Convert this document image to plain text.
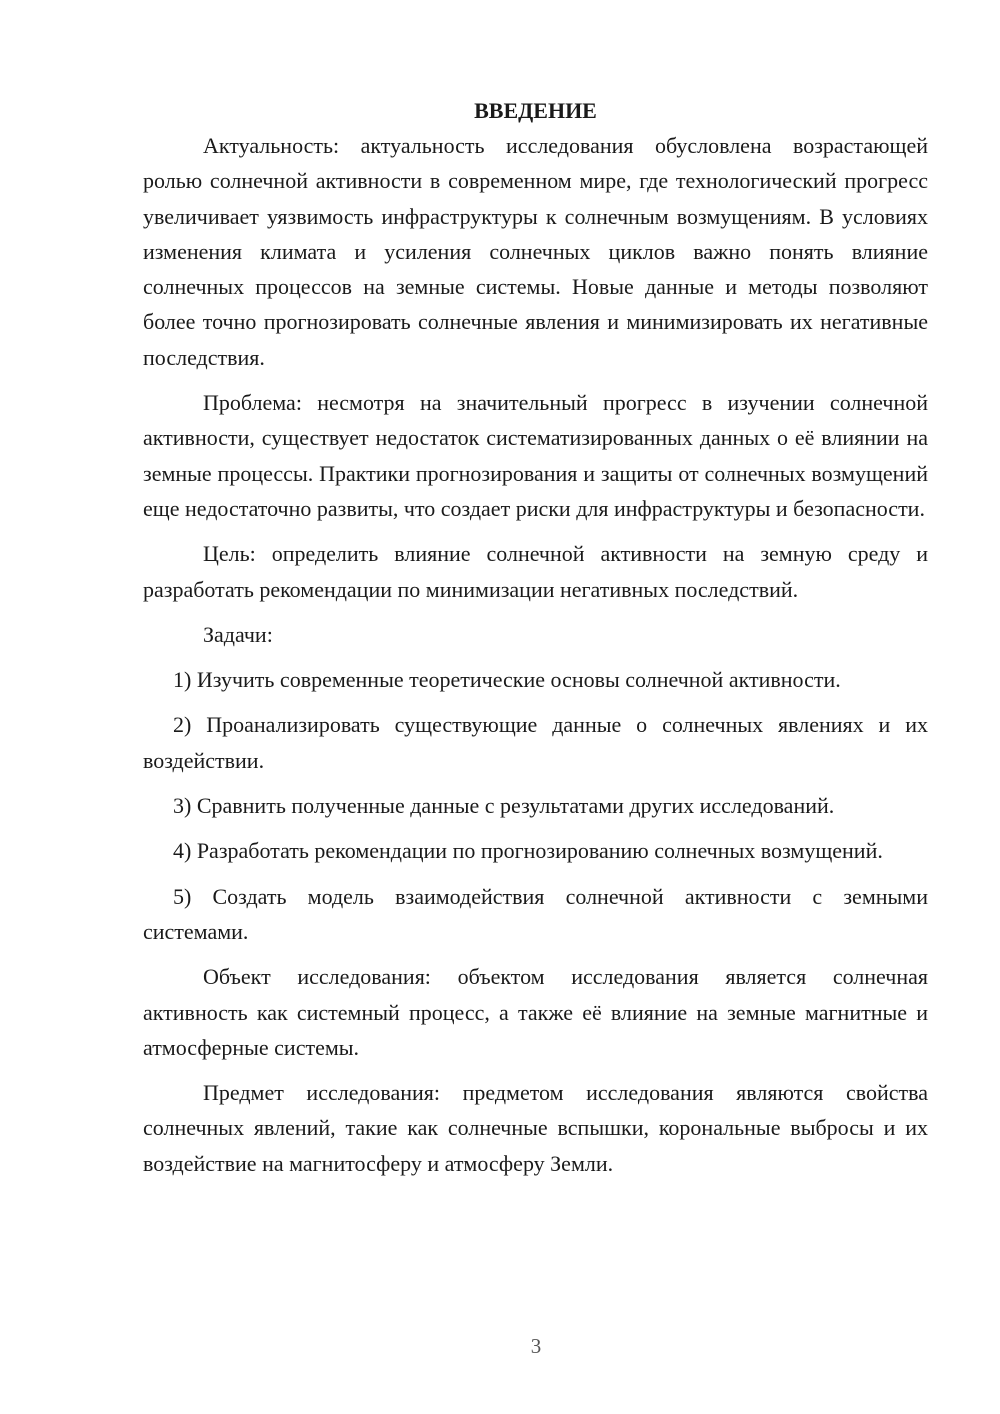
ВВЕДЕНИЕ

Актуальность: актуальность исследования обусловлена возрастающей ролью солнечной активности в современном мире, где технологический прогресс увеличивает уязвимость инфраструктуры к солнечным возмущениям. В условиях изменения климата и усиления солнечных циклов важно понять влияние солнечных процессов на земные системы. Новые данные и методы позволяют более точно прогнозировать солнечные явления и минимизировать их негативные последствия.

Проблема: несмотря на значительный прогресс в изучении солнечной активности, существует недостаток систематизированных данных о её влиянии на земные процессы. Практики прогнозирования и защиты от солнечных возмущений еще недостаточно развиты, что создает риски для инфраструктуры и безопасности.

Цель: определить влияние солнечной активности на земную среду и разработать рекомендации по минимизации негативных последствий.

Задачи:

1) Изучить современные теоретические основы солнечной активности.

2) Проанализировать существующие данные о солнечных явлениях и их воздействии.

3) Сравнить полученные данные с результатами других исследований.

4) Разработать рекомендации по прогнозированию солнечных возмущений.

5) Создать модель взаимодействия солнечной активности с земными системами.

Объект исследования: объектом исследования является солнечная активность как системный процесс, а также её влияние на земные магнитные и атмосферные системы.

Предмет исследования: предметом исследования являются свойства солнечных явлений, такие как солнечные вспышки, корональные выбросы и их воздействие на магнитосферу и атмосферу Земли.

3
